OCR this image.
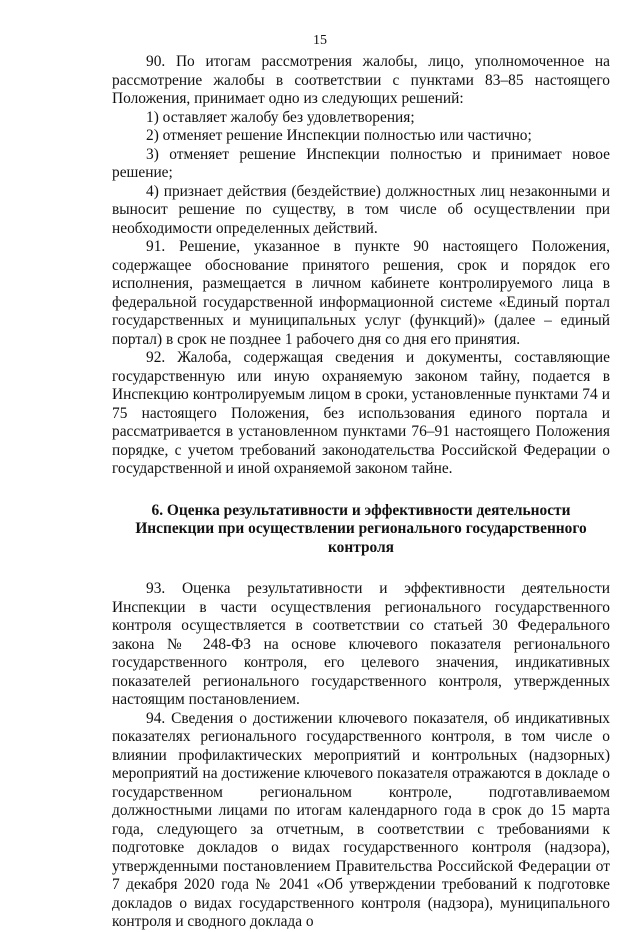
15

90. По итогам рассмотрения жалобы, лицо, уполномоченное на рассмотрение жалобы в соответствии с пунктами 83–85 настоящего Положения, принимает одно из следующих решений:

1) оставляет жалобу без удовлетворения;

2) отменяет решение Инспекции полностью или частично;

3) отменяет решение Инспекции полностью и принимает новое решение;

4) признает действия (бездействие) должностных лиц незаконными и выносит решение по существу, в том числе об осуществлении при необходимости определенных действий.

91. Решение, указанное в пункте 90 настоящего Положения, содержащее обоснование принятого решения, срок и порядок его исполнения, размещается в личном кабинете контролируемого лица в федеральной государственной информационной системе «Единый портал государственных и муниципальных услуг (функций)» (далее – единый портал) в срок не позднее 1 рабочего дня со дня его принятия.

92. Жалоба, содержащая сведения и документы, составляющие государственную или иную охраняемую законом тайну, подается в Инспекцию контролируемым лицом в сроки, установленные пунктами 74 и 75 настоящего Положения, без использования единого портала и рассматривается в установленном пунктами 76–91 настоящего Положения порядке, с учетом требований законодательства Российской Федерации о государственной и иной охраняемой законом тайне.

6. Оценка результативности и эффективности деятельности
Инспекции при осуществлении регионального государственного
контроля

93. Оценка результативности и эффективности деятельности Инспекции в части осуществления регионального государственного контроля осуществляется в соответствии со статьей 30 Федерального закона № 248-ФЗ на основе ключевого показателя регионального государственного контроля, его целевого значения, индикативных показателей регионального государственного контроля, утвержденных настоящим постановлением.

94. Сведения о достижении ключевого показателя, об индикативных показателях регионального государственного контроля, в том числе о влиянии профилактических мероприятий и контрольных (надзорных) мероприятий на достижение ключевого показателя отражаются в докладе о государственном региональном контроле, подготавливаемом должностными лицами по итогам календарного года в срок до 15 марта года, следующего за отчетным, в соответствии с требованиями к подготовке докладов о видах государственного контроля (надзора), утвержденными постановлением Правительства Российской Федерации от 7 декабря 2020 года № 2041 «Об утверждении требований к подготовке докладов о видах государственного контроля (надзора), муниципального контроля и сводного доклада о
